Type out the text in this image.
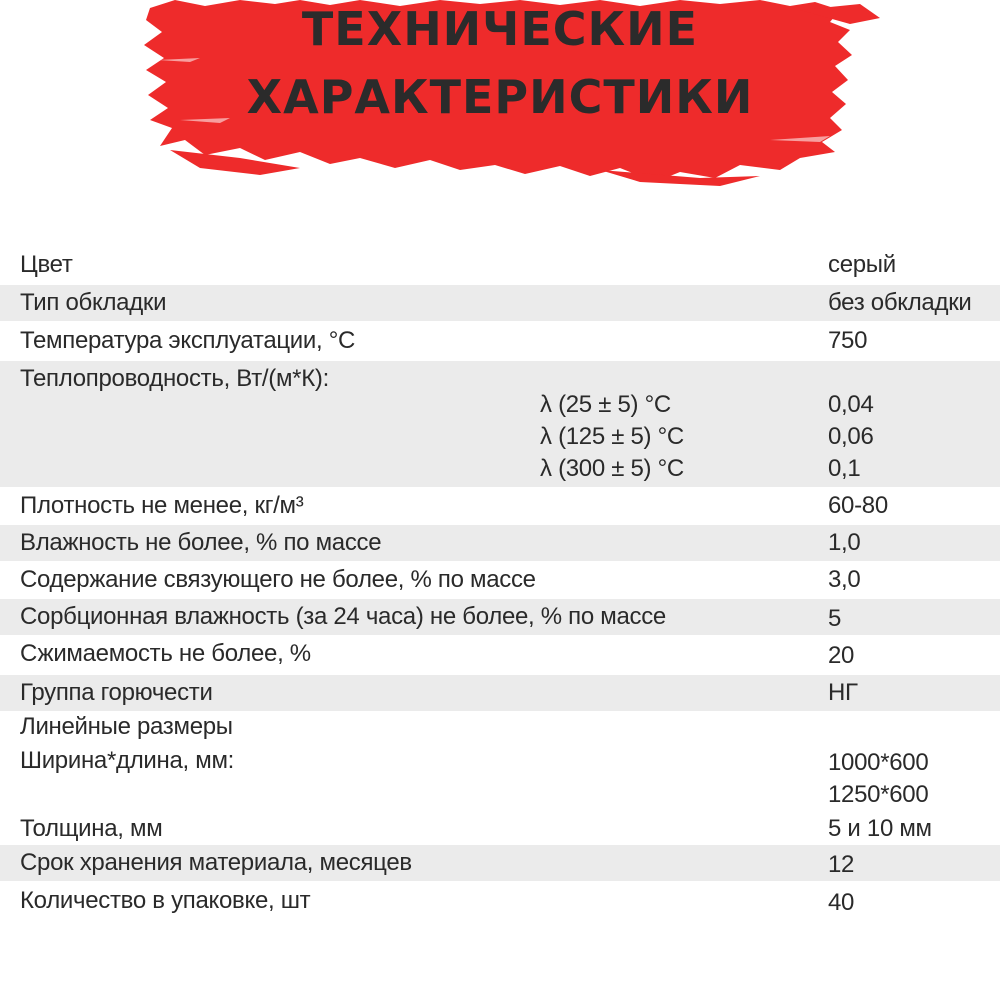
ТЕХНИЧЕСКИЕ
ХАРАКТЕРИСТИКИ
Цвет	серый
Тип обкладки	без обкладки
Температура эксплуатации, °С	750
Теплопроводность, Вт/(м*К):
λ (25 ± 5) °С	0,04
λ (125 ± 5) °С	0,06
λ (300 ± 5) °С	0,1
Плотность не менее, кг/м³	60-80
Влажность не более, % по массе	1,0
Содержание связующего не более, % по массе	3,0
Сорбционная влажность (за 24 часа) не более, % по массе	5
Сжимаемость не более, %	20
Группа горючести	НГ
Линейные размеры
Ширина*длина, мм:	1000*600
1250*600
Толщина, мм	5 и 10 мм
Срок хранения материала, месяцев	12
Количество в упаковке, шт	40
